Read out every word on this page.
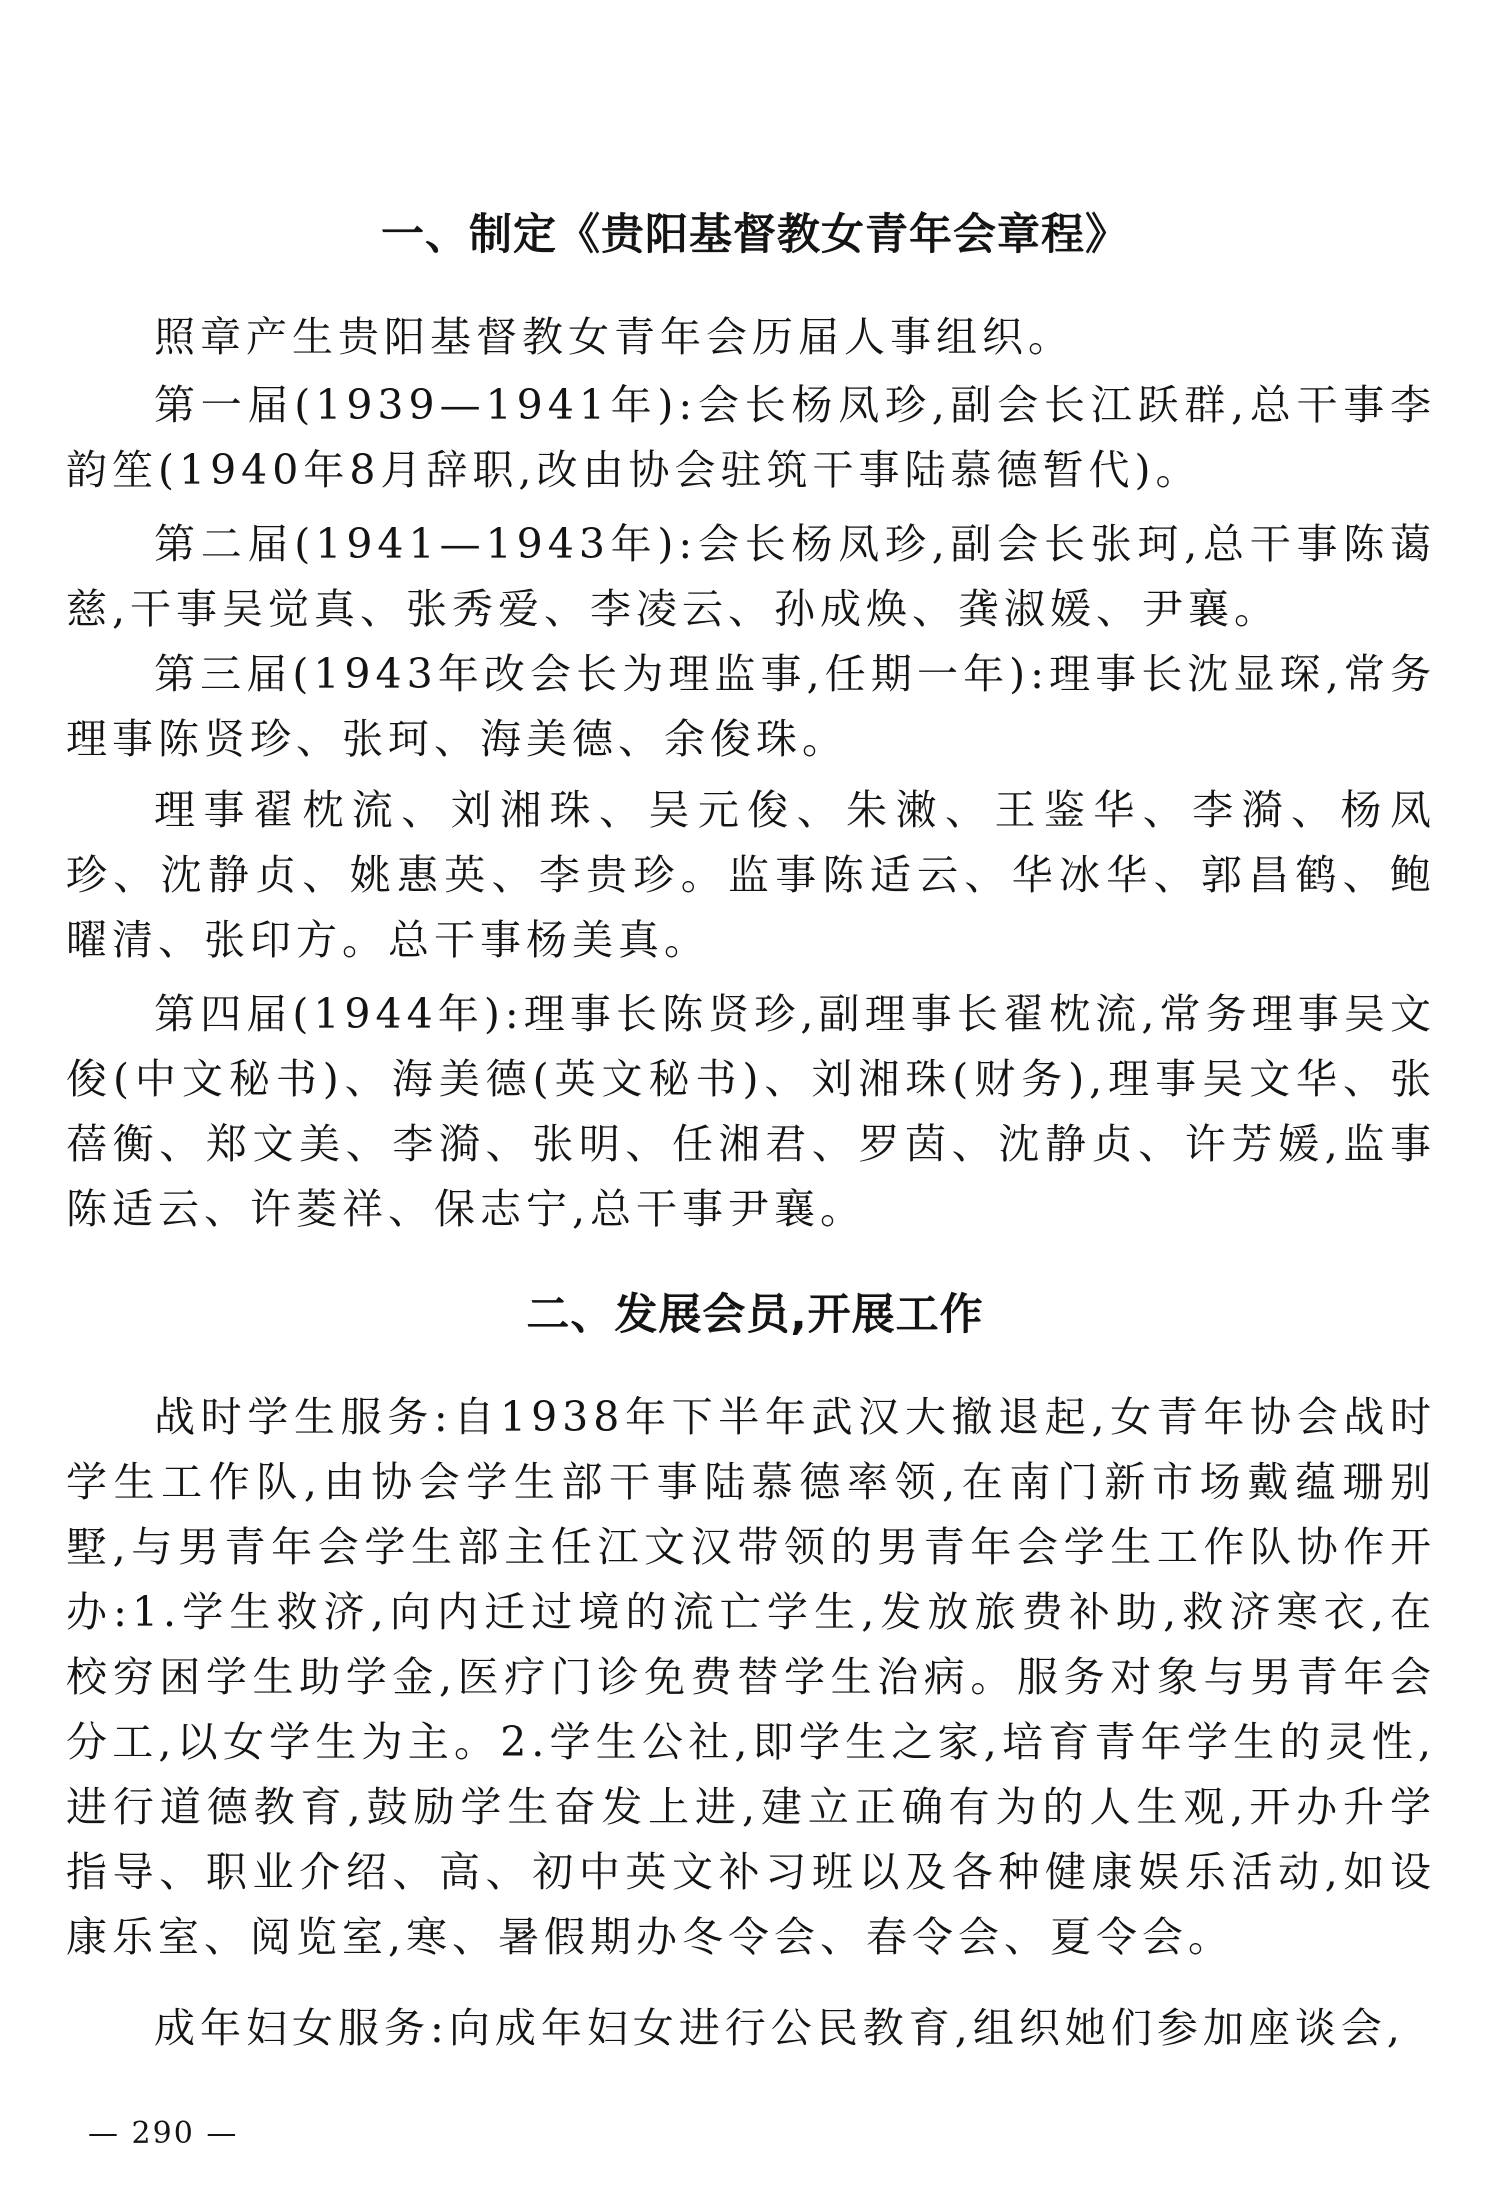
一、制定《贵阳基督教女青年会章程》

照章产生贵阳基督教女青年会历届人事组织。

第一届(1939—1941年):会长杨凤珍,副会长江跃群,总干事李韵笙(1940年8月辞职,改由协会驻筑干事陆慕德暂代)。

第二届(1941—1943年):会长杨凤珍,副会长张珂,总干事陈蔼慈,干事吴觉真、张秀爱、李凌云、孙成焕、龚淑媛、尹襄。

第三届(1943年改会长为理监事,任期一年):理事长沈显琛,常务理事陈贤珍、张珂、海美德、余俊珠。

理事翟枕流、刘湘珠、吴元俊、朱潄、王鉴华、李漪、杨凤珍、沈静贞、姚惠英、李贵珍。监事陈适云、华冰华、郭昌鹤、鲍曜清、张印方。总干事杨美真。

第四届(1944年):理事长陈贤珍,副理事长翟枕流,常务理事吴文俊(中文秘书)、海美德(英文秘书)、刘湘珠(财务),理事吴文华、张蓓衡、郑文美、李漪、张明、任湘君、罗茵、沈静贞、许芳媛,监事陈适云、许菱祥、保志宁,总干事尹襄。

二、发展会员,开展工作

战时学生服务:自1938年下半年武汉大撤退起,女青年协会战时学生工作队,由协会学生部干事陆慕德率领,在南门新市场戴蕴珊别墅,与男青年会学生部主任江文汉带领的男青年会学生工作队协作开办:1.学生救济,向内迁过境的流亡学生,发放旅费补助,救济寒衣,在校穷困学生助学金,医疗门诊免费替学生治病。服务对象与男青年会分工,以女学生为主。2.学生公社,即学生之家,培育青年学生的灵性,进行道德教育,鼓励学生奋发上进,建立正确有为的人生观,开办升学指导、职业介绍、高、初中英文补习班以及各种健康娱乐活动,如设康乐室、阅览室,寒、暑假期办冬令会、春令会、夏令会。

成年妇女服务:向成年妇女进行公民教育,组织她们参加座谈会,

— 290 —
